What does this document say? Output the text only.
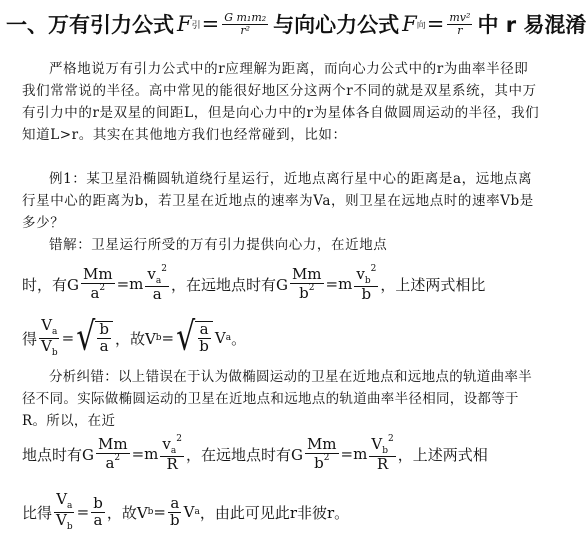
一、万有引力公式 F 引 = $\frac{\text{G m₁m₂}}{\text{r²}}$ 与向心力公式 F 向 = $\frac{\text{mv²}}{r}$ 中 r 易混淆
严格地说万有引力公式中的r应理解为距离，而向心力公式中的r为曲率半径即我们常常说的半径。高中常见的能很好地区分这两个r不同的就是双星系统，其中万有引力中的r是双星的间距L，但是向心力中的r为星体各自做圆周运动的半径，我们知道L>r。其实在其他地方我们也经常碰到，比如：
例1：某卫星沿椭圆轨道绕行星运行，近地点离行星中心的距离是a，远地点离行星中心的距离为b，若卫星在近地点的速率为Va，则卫星在远地点时的速率Vb是多少？
错解：卫星运行所受的万有引力提供向心力，在近地点
时，有G $\frac{Mm}{a^2} =m$
$v_a^2$
a
，在远地点时有G $\frac{Mm}{b^2} =m$
$v_b^2$
b
，上述两式相比
得 $\frac{V_a}{V_b}$ = √ b
a ，故V b = √ a
b V a 。
分析纠错：以上错误在于认为做椭圆运动的卫星在近地点和远地点的轨道曲率半径不同。实际做椭圆运动的卫星在近地点和远地点的轨道曲率半径相同，设都等于R。所以，在近
地点时有G $\frac{Mm}{a^2} =m$
$v_a^2$
R
，在远地点时有G $\frac{Mm}{b^2} =m$
$V_b^2$
R
，上述两式相
比得 $\frac{V_a}{V_b} = \frac{b}{a}$ ，故V $b = \frac{a}{b}$ V a ，由此可见此r非彼r。
